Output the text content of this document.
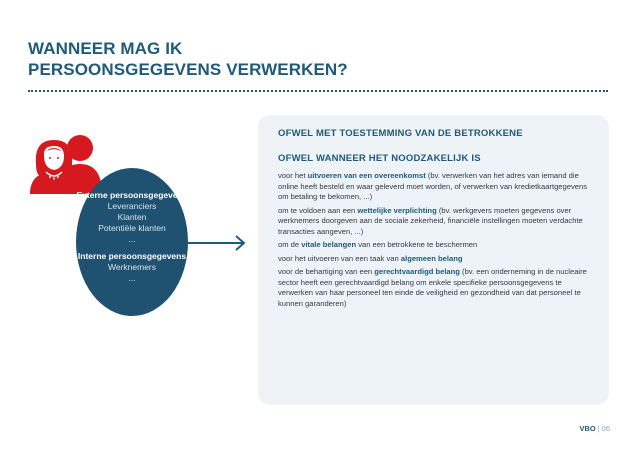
WANNEER MAG IK
PERSOONSGEGEVENS VERWERKEN?
Externe persoonsgegevens
Leveranciers
Klanten
Potentiële klanten
...
Interne persoonsgegevens
Werknemers
...
OFWEL MET TOESTEMMING VAN DE BETROKKENE
OFWEL WANNEER HET NOODZAKELIJK IS

voor het uitvoeren van een overeenkomst (bv. verwerken van het adres van iemand die online heeft besteld en waar geleverd moet worden, of verwerken van kredietkaartgegevens om betaling te bekomen, ...)

om te voldoen aan een wettelijke verplichting (bv. werkgevers moeten gegevens over werknemers doorgeven aan de sociale zekerheid, financiële instellingen moeten verdachte transacties aangeven, ...)

om de vitale belangen van een betrokkene te beschermen

voor het uitvoeren van een taak van algemeen belang

voor de behartiging van een gerechtvaardigd belang (bv. een onderneming in de nucleaire sector heeft een gerechtvaardigd belang om enkele specifieke persoonsgegevens te verwerken van haar personeel ten einde de veiligheid en gezondheid van dat personeel te kunnen garanderen)

VBO | 06
